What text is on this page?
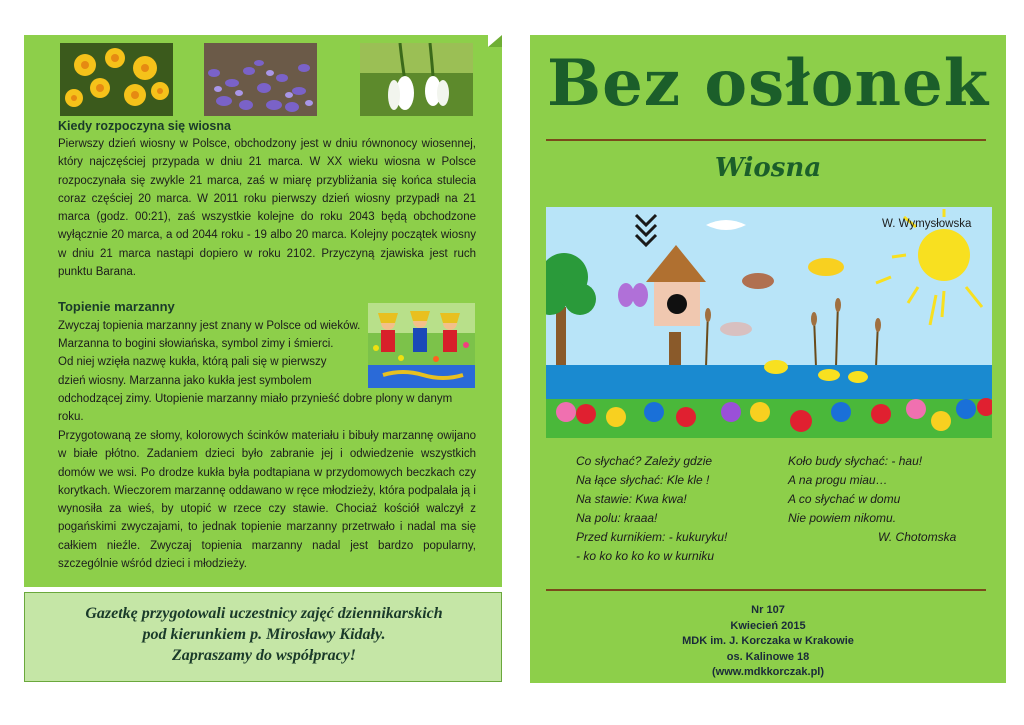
Kiedy rozpoczyna się wiosna
Pierwszy dzień wiosny w Polsce, obchodzony jest w dniu równonocy wiosennej, który najczęściej przypada w dniu 21 marca. W XX wieku wiosna w Polsce rozpoczynała się zwykle 21 marca, zaś w miarę przybliżania się końca stulecia coraz częściej 20 marca. W 2011 roku pierwszy dzień wiosny przypadł na 21 marca (godz. 00:21), zaś wszystkie kolejne do roku 2043 będą obchodzone wyłącznie 20 marca, a od 2044 roku - 19 albo 20 marca. Kolejny początek wiosny w dniu 21 marca nastąpi dopiero w roku 2102. Przyczyną zjawiska jest ruch punktu Barana.
Topienie marzanny
Zwyczaj topienia marzanny jest znany w Polsce od wieków.
Marzanna to bogini słowiańska, symbol zimy i śmierci.
Od niej wzięła nazwę kukła, którą pali się w pierwszy
dzień wiosny. Marzanna jako kukła jest symbolem
odchodzącej zimy. Utopienie marzanny miało przynieść dobre plony w danym roku.
Przygotowaną ze słomy, kolorowych ścinków materiału i bibuły marzannę owijano w białe płótno. Zadaniem dzieci było zabranie jej i odwiedzenie wszystkich domów we wsi. Po drodze kukła była podtapiana w przydomowych beczkach czy korytkach. Wieczorem marzannę oddawano w ręce młodzieży, która podpalała ją i wynosiła za wieś, by utopić w rzece czy stawie. Chociaż kościół walczył z pogańskimi zwyczajami, to jednak topienie marzanny przetrwało i nadal ma się całkiem nieźle. Zwyczaj topienia marzanny nadal jest bardzo popularny, szczególnie wśród dzieci i młodzieży.
Gazetkę przygotowali uczestnicy zajęć dziennikarskich
pod kierunkiem p. Mirosławy Kidały.
Zapraszamy do współpracy!
Bez osłonek
Wiosna
W. Wymysłowska
Co słychać? Zależy gdzie
Na łące słychać: Kle kle !
Na stawie: Kwa kwa!
Na polu: kraaa!
Przed kurnikiem: - kukuryku!
- ko ko ko ko ko w kurniku
Koło budy słychać: - hau!
A na progu miau…
A co słychać w domu
Nie powiem nikomu.
W. Chotomska
Nr 107
Kwiecień 2015
MDK im. J. Korczaka w Krakowie
os. Kalinowe 18
(www.mdkkorczak.pl)
